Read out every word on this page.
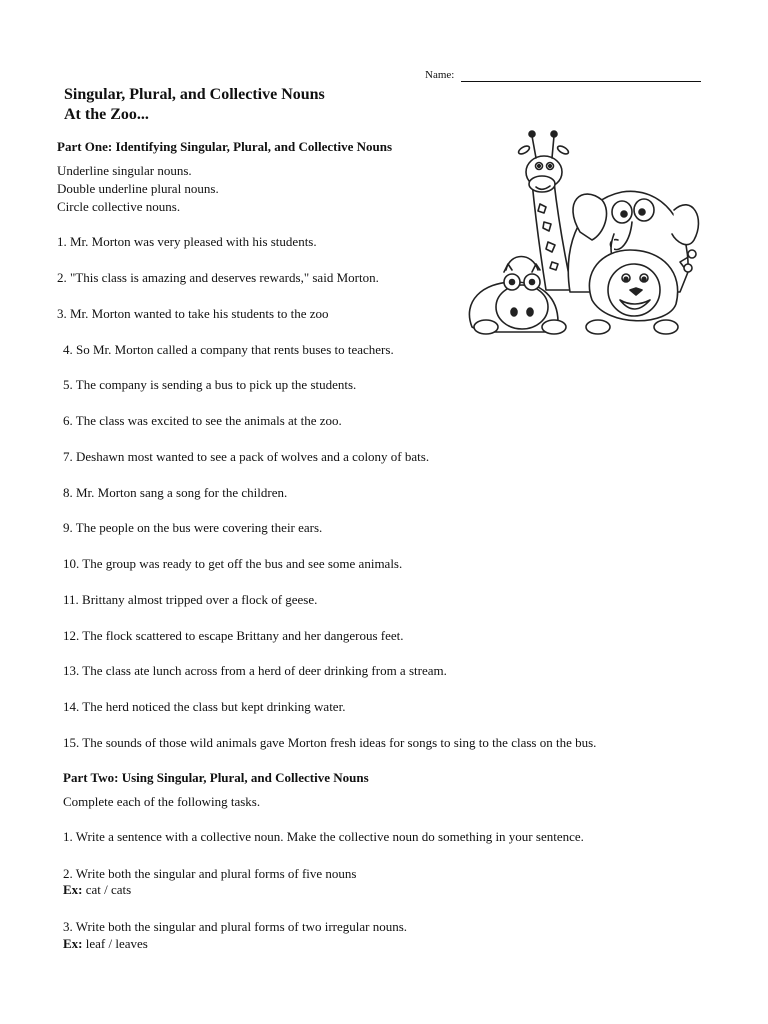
Name:
Singular, Plural, and Collective Nouns
At the Zoo...
Part One: Identifying Singular, Plural, and Collective Nouns
Underline singular nouns.
Double underline plural nouns.
Circle collective nouns.
1. Mr. Morton was very pleased with his students.
2. "This class is amazing and deserves rewards," said Morton.
3. Mr. Morton wanted to take his students to the zoo
4. So Mr. Morton called a company that rents buses to teachers.
5. The company is sending a bus to pick up the students.
6. The class was excited to see the animals at the zoo.
7. Deshawn most wanted to see a pack of wolves and a colony of bats.
8. Mr. Morton sang a song for the children.
9. The people on the bus were covering their ears.
10. The group was ready to get off the bus and see some animals.
11. Brittany almost tripped over a flock of geese.
12. The flock scattered to escape Brittany and her dangerous feet.
13. The class ate lunch across from a herd of deer drinking from a stream.
14. The herd noticed the class but kept drinking water.
15. The sounds of those wild animals gave Morton fresh ideas for songs to sing to the class on the bus.
Part Two: Using Singular, Plural, and Collective Nouns
Complete each of the following tasks.
1. Write a sentence with a collective noun. Make the collective noun do something in your sentence.
2. Write both the singular and plural forms of five nouns
Ex: cat / cats
3. Write both the singular and plural forms of two irregular nouns.
Ex: leaf / leaves
